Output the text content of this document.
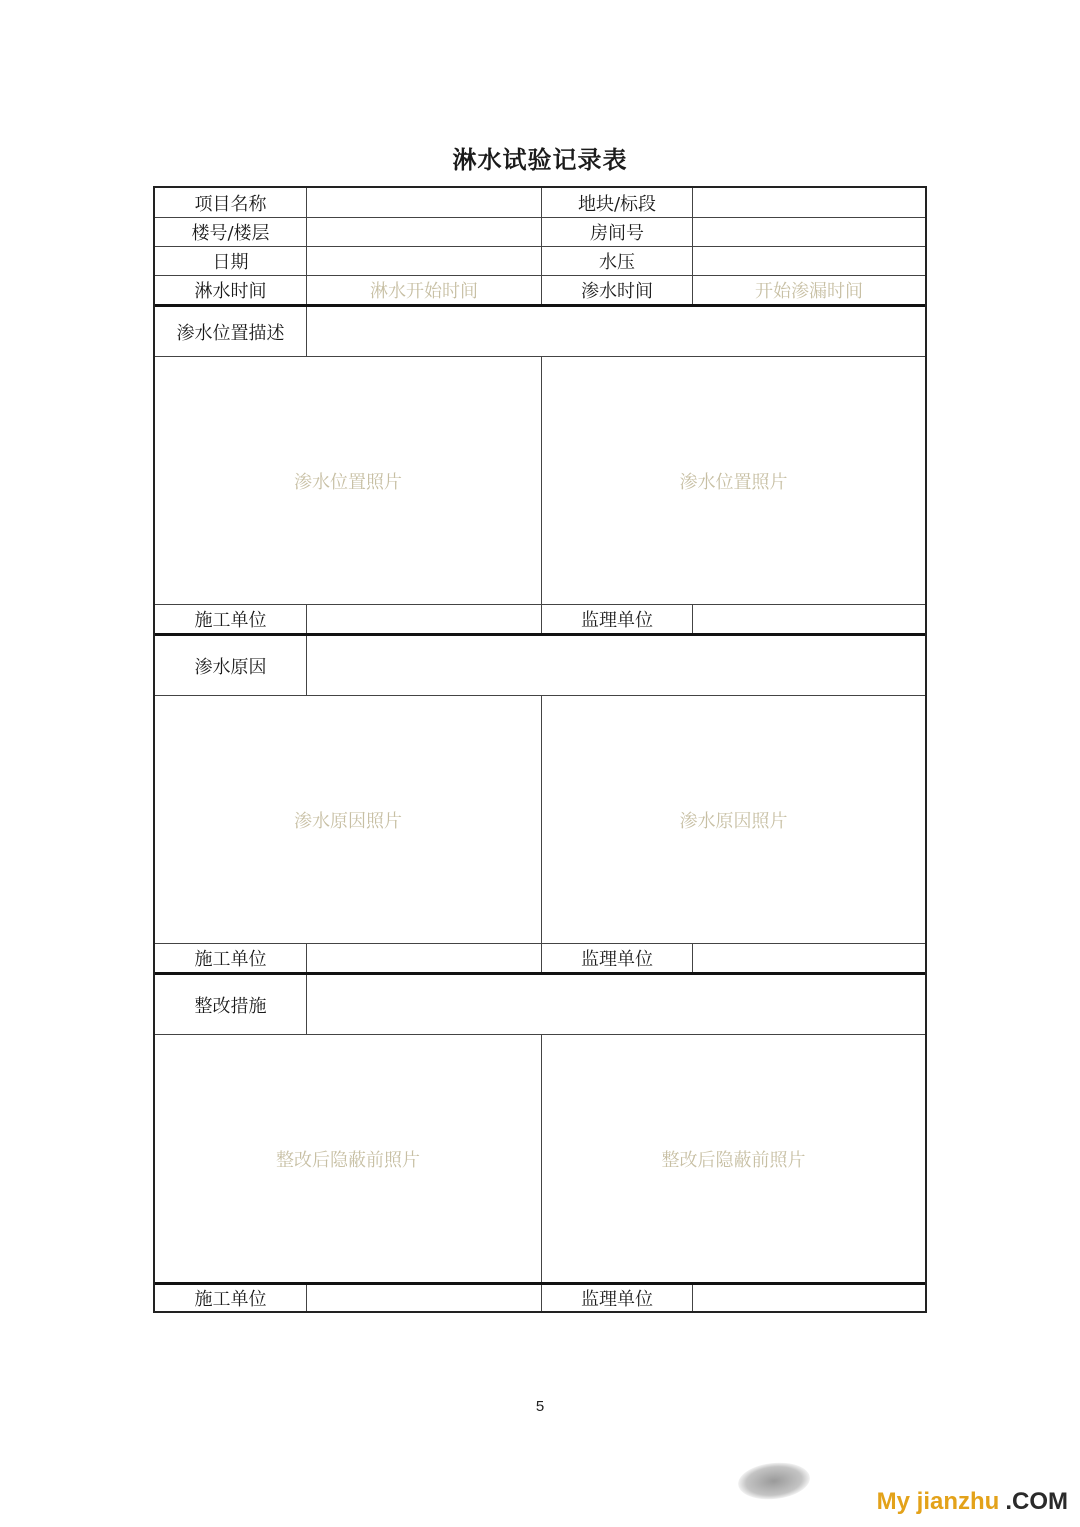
淋水试验记录表
项目名称	地块/标段
楼号/楼层	房间号
日期	水压
淋水时间	淋水开始时间	渗水时间	开始渗漏时间
渗水位置描述
渗水位置照片	渗水位置照片
施工单位	监理单位
渗水原因
渗水原因照片	渗水原因照片
施工单位	监理单位
整改措施
整改后隐蔽前照片	整改后隐蔽前照片
施工单位	监理单位
5
My jianzhu .COM
